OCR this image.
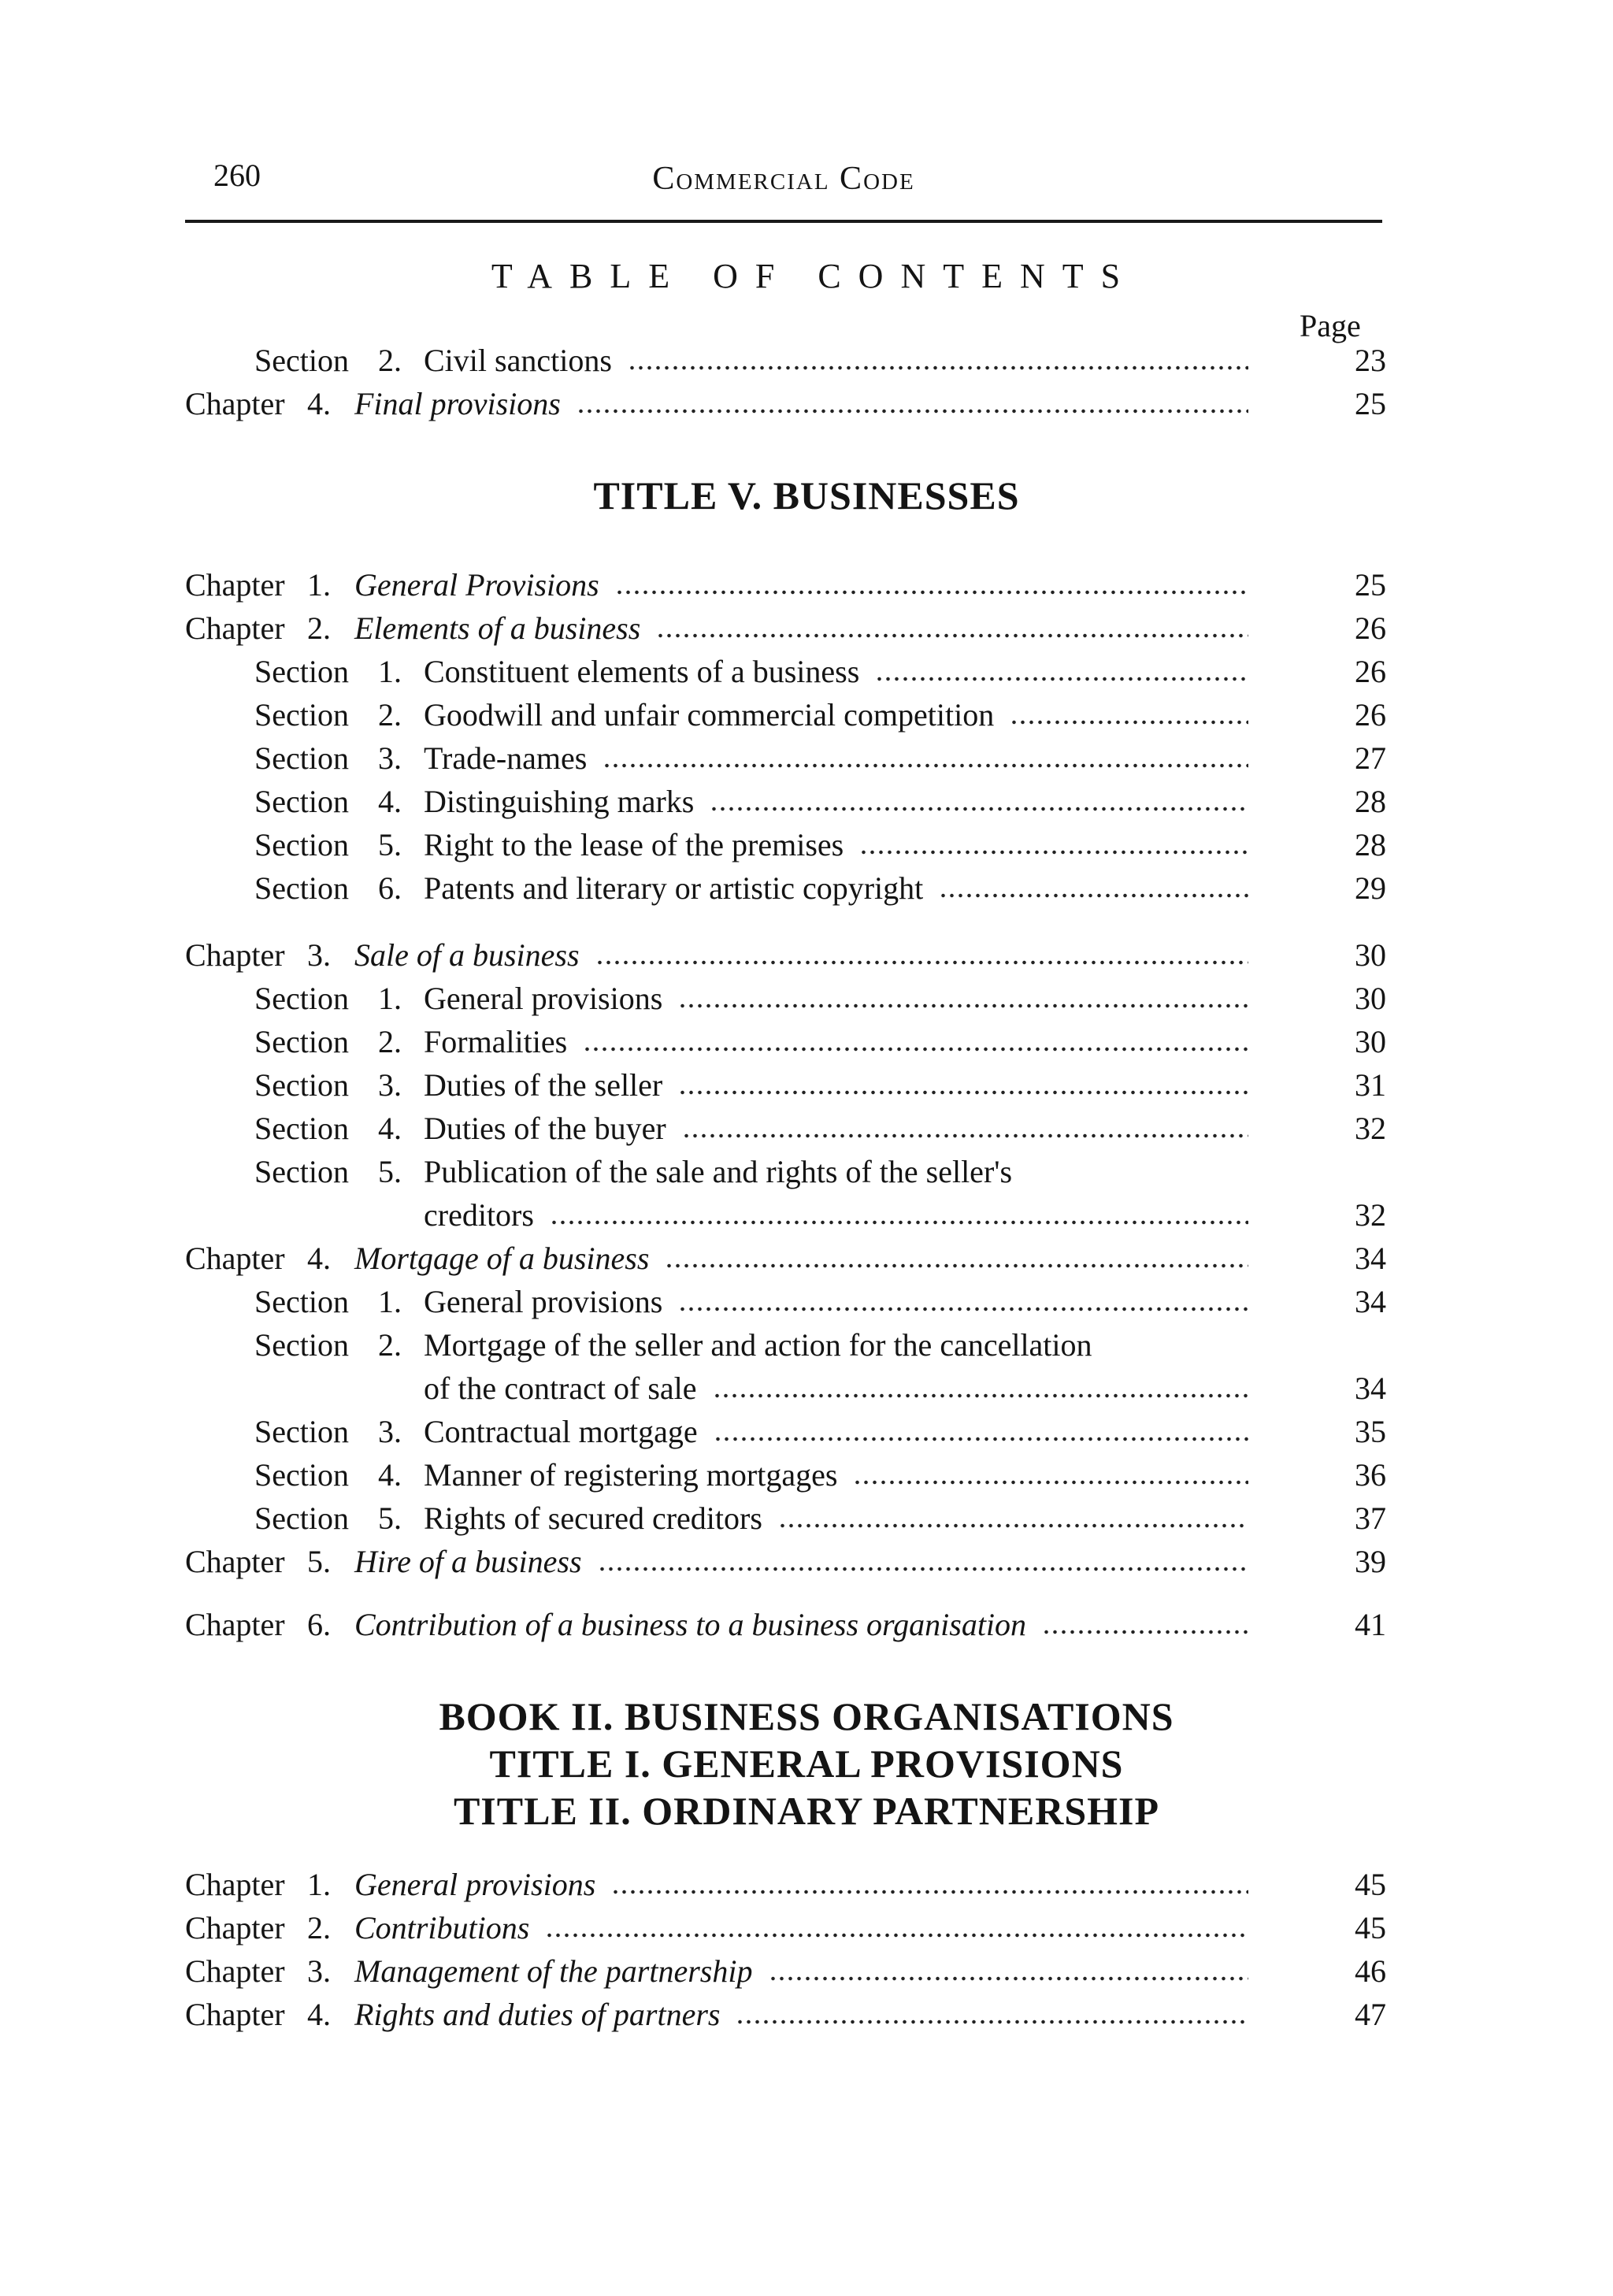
260	Commercial Code
TABLE OF CONTENTS
Page
TITLE V. BUSINESSES
BOOK II. BUSINESS ORGANISATIONS
TITLE I. GENERAL PROVISIONS
TITLE II. ORDINARY PARTNERSHIP
Section 2. Civil sanctions	23
Chapter 4. Final provisions	25
Chapter 1. General Provisions	25
Chapter 2. Elements of a business	26
Section 1. Constituent elements of a business	26
Section 2. Goodwill and unfair commercial competition	26
Section 3. Trade-names	27
Section 4. Distinguishing marks	28
Section 5. Right to the lease of the premises	28
Section 6. Patents and literary or artistic copyright	29
Chapter 3. Sale of a business	30
Section 1. General provisions	30
Section 2. Formalities	30
Section 3. Duties of the seller	31
Section 4. Duties of the buyer	32
Section 5. Publication of the sale and rights of the seller's
creditors	32
Chapter 4. Mortgage of a business	34
Section 1. General provisions	34
Section 2. Mortgage of the seller and action for the cancellation
of the contract of sale	34
Section 3. Contractual mortgage	35
Section 4. Manner of registering mortgages	36
Section 5. Rights of secured creditors	37
Chapter 5. Hire of a business	39
Chapter 6. Contribution of a business to a business organisation	41
Chapter 1. General provisions	45
Chapter 2. Contributions	45
Chapter 3. Management of the partnership	46
Chapter 4. Rights and duties of partners	47
